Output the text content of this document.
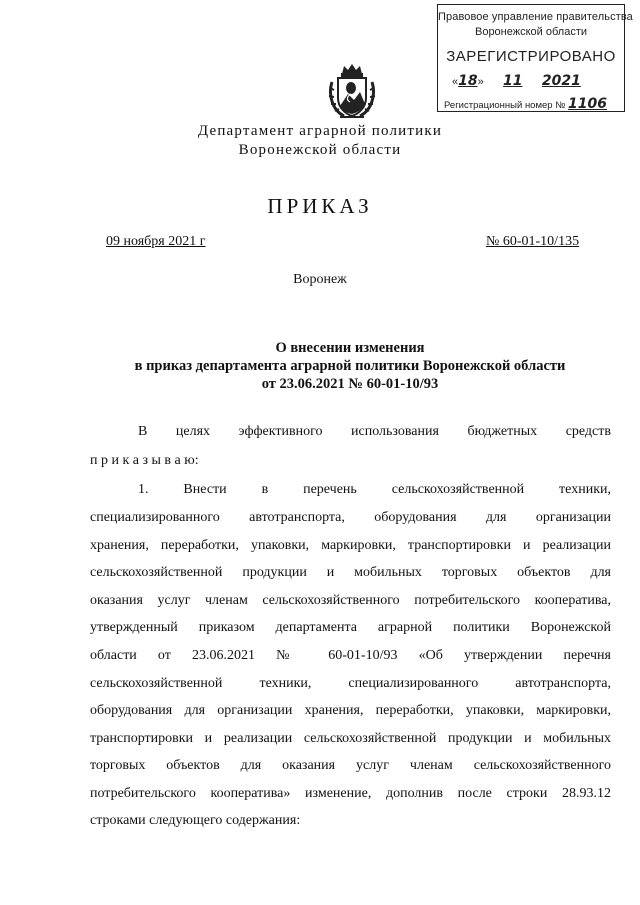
Правовое управление правительства
Воронежской области
ЗАРЕГИСТРИРОВАНО
«18» 11 2021
Регистрационный номер № 1106
Департамент аграрной политики
Воронежской области
ПРИКАЗ
09 ноября 2021 г	№ 60-01-10/135
Воронеж
О внесении изменения
в приказ департамента аграрной политики Воронежской области
от 23.06.2021 № 60-01-10/93
В целях эффективного использования бюджетных средств
п р и к а з ы в а ю:
1. Внести в перечень сельскохозяйственной техники,
специализированного автотранспорта, оборудования для организации
хранения, переработки, упаковки, маркировки, транспортировки и реализации
сельскохозяйственной продукции и мобильных торговых объектов для
оказания услуг членам сельскохозяйственного потребительского кооператива,
утвержденный приказом департамента аграрной политики Воронежской
области от 23.06.2021 № 60-01-10/93 «Об утверждении перечня
сельскохозяйственной техники, специализированного автотранспорта,
оборудования для организации хранения, переработки, упаковки, маркировки,
транспортировки и реализации сельскохозяйственной продукции и мобильных
торговых объектов для оказания услуг членам сельскохозяйственного
потребительского кооператива» изменение, дополнив после строки 28.93.12
строками следующего содержания:
